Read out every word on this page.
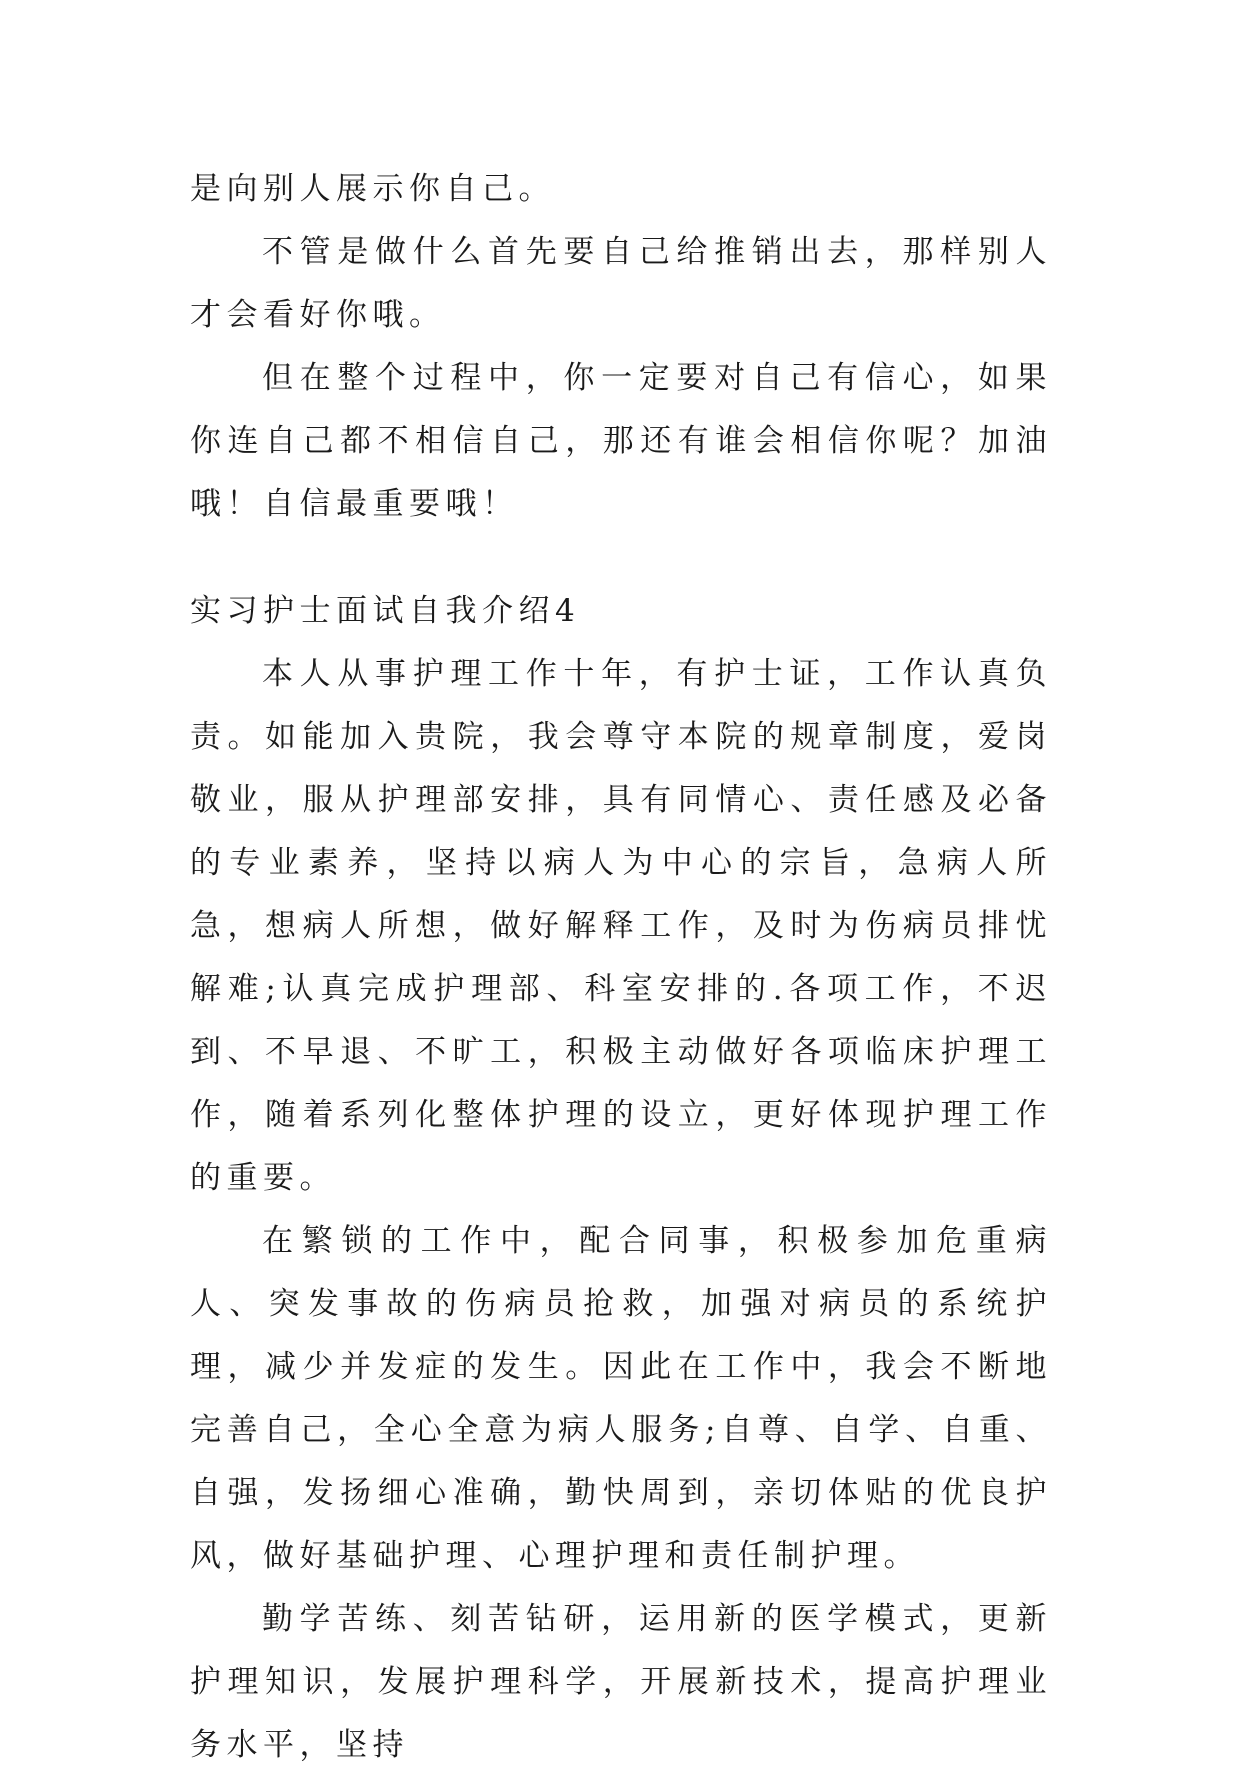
是向别人展示你自己。

不管是做什么首先要自己给推销出去，那样别人才会看好你哦。

但在整个过程中，你一定要对自己有信心，如果你连自己都不相信自己，那还有谁会相信你呢？加油哦！自信最重要哦！

实习护士面试自我介绍4

本人从事护理工作十年，有护士证，工作认真负责。如能加入贵院，我会尊守本院的规章制度，爱岗敬业，服从护理部安排，具有同情心、责任感及必备的专业素养，坚持以病人为中心的宗旨，急病人所急，想病人所想，做好解释工作，及时为伤病员排忧解难;认真完成护理部、科室安排的.各项工作，不迟到、不早退、不旷工，积极主动做好各项临床护理工作，随着系列化整体护理的设立，更好体现护理工作的重要。

在繁锁的工作中，配合同事，积极参加危重病人、突发事故的伤病员抢救，加强对病员的系统护理，减少并发症的发生。因此在工作中，我会不断地完善自己，全心全意为病人服务;自尊、自学、自重、自强，发扬细心准确，勤快周到，亲切体贴的优良护风，做好基础护理、心理护理和责任制护理。

勤学苦练、刻苦钻研，运用新的医学模式，更新护理知识，发展护理科学，开展新技术，提高护理业务水平，坚持
